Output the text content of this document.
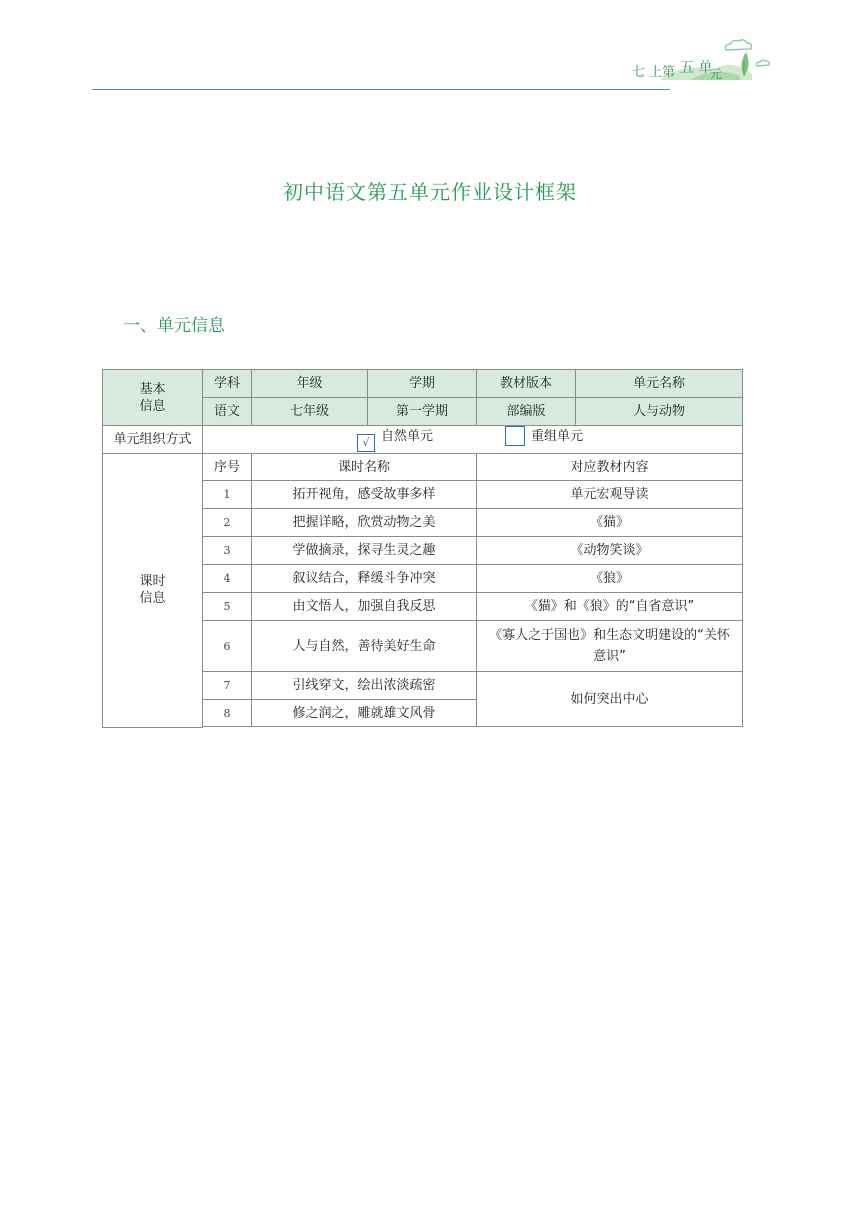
七 上第 五 单
元
初中语文第五单元作业设计框架
一、单元信息
基本
信息	学科	年级	学期	教材版本	单元名称
	语文	七年级	第一学期	部编版	人与动物
单元组织方式	√ 自然单元 重组单元				

课时
信息	序号	课时名称		对应教材内容	
	1	拓开视角，感受故事多样		单元宏观导读	
	2	把握详略，欣赏动物之美		《猫》	
	3	学做摘录，探寻生灵之趣		《动物笑谈》	
	4	叙议结合，释缓斗争冲突		《狼》	
	5	由文悟人，加强自我反思		《猫》和《狼》的“自省意识”	
	6	人与自然，善待美好生命		《寡人之于国也》和生态文明建设的“关怀意识”	
	7	引线穿文，绘出浓淡疏密		如何突出中心	
	8	修之润之，雕就雄文风骨			
